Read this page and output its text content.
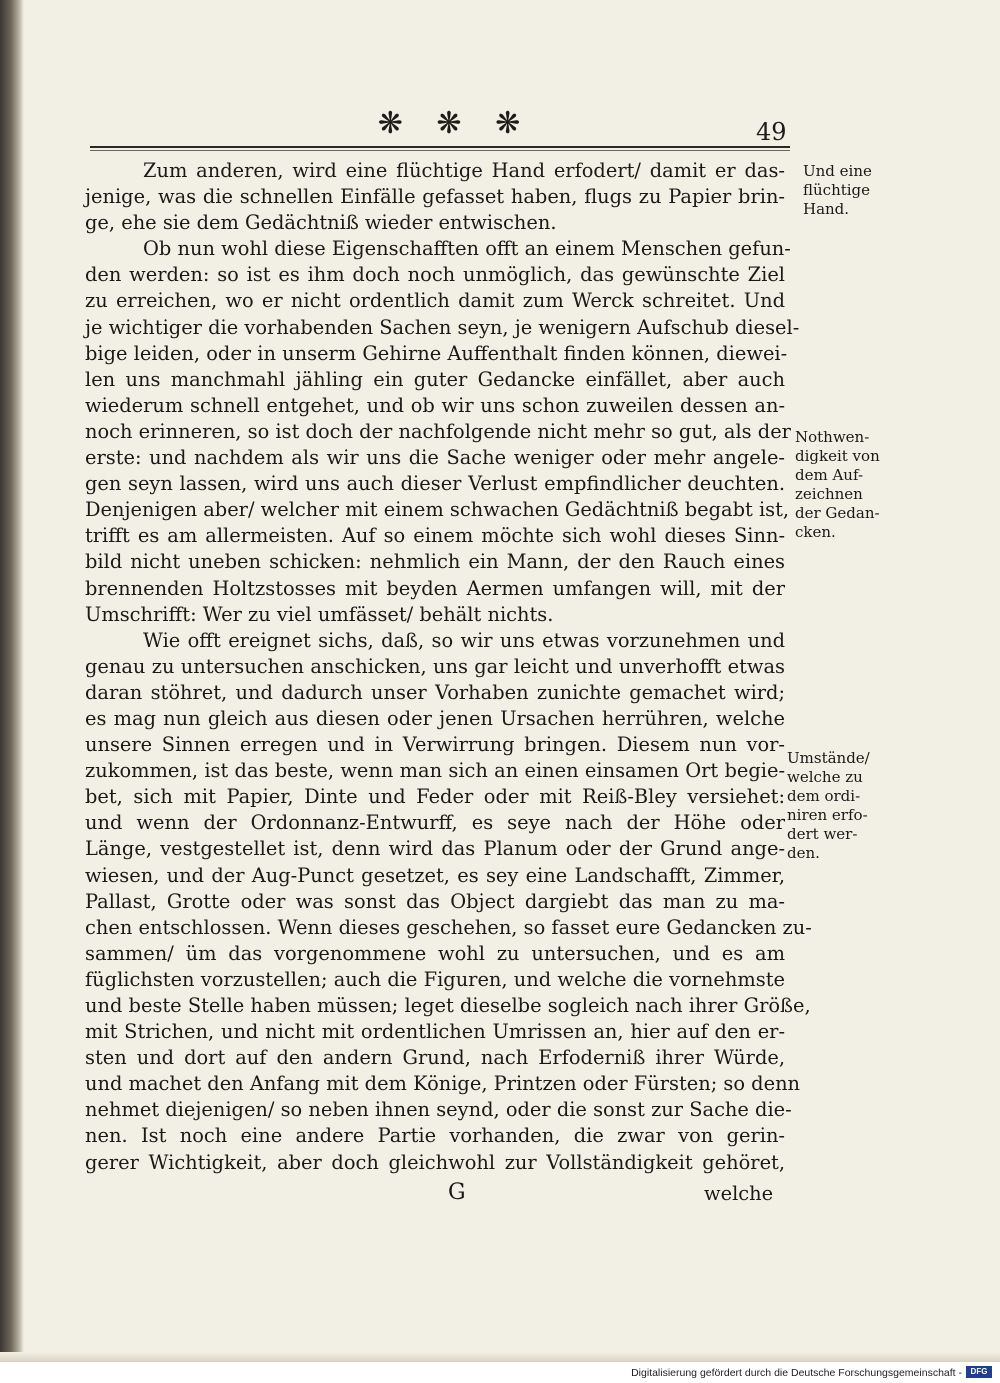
❋ ❋ ❋	49
Zum anderen, wird eine flüchtige Hand erfodert/ damit er das-
jenige, was die schnellen Einfälle gefasset haben, flugs zu Papier brin-
ge, ehe sie dem Gedächtniß wieder entwischen.
Ob nun wohl diese Eigenschafften offt an einem Menschen gefun-
den werden: so ist es ihm doch noch unmöglich, das gewünschte Ziel
zu erreichen, wo er nicht ordentlich damit zum Werck schreitet. Und
je wichtiger die vorhabenden Sachen seyn, je wenigern Aufschub diesel-
bige leiden, oder in unserm Gehirne Auffenthalt finden können, diewei-
len uns manchmahl jähling ein guter Gedancke einfället, aber auch
wiederum schnell entgehet, und ob wir uns schon zuweilen dessen an-
noch erinneren, so ist doch der nachfolgende nicht mehr so gut, als der
erste: und nachdem als wir uns die Sache weniger oder mehr angele-
gen seyn lassen, wird uns auch dieser Verlust empfindlicher deuchten.
Denjenigen aber/ welcher mit einem schwachen Gedächtniß begabt ist,
trifft es am allermeisten. Auf so einem möchte sich wohl dieses Sinn-
bild nicht uneben schicken: nehmlich ein Mann, der den Rauch eines
brennenden Holtzstosses mit beyden Aermen umfangen will, mit der
Umschrifft: Wer zu viel umfässet/ behält nichts.
Wie offt ereignet sichs, daß, so wir uns etwas vorzunehmen und
genau zu untersuchen anschicken, uns gar leicht und unverhofft etwas
daran stöhret, und dadurch unser Vorhaben zunichte gemachet wird;
es mag nun gleich aus diesen oder jenen Ursachen herrühren, welche
unsere Sinnen erregen und in Verwirrung bringen. Diesem nun vor-
zukommen, ist das beste, wenn man sich an einen einsamen Ort begie-
bet, sich mit Papier, Dinte und Feder oder mit Reiß-Bley versiehet:
und wenn der Ordonnanz-Entwurff, es seye nach der Höhe oder
Länge, vestgestellet ist, denn wird das Planum oder der Grund ange-
wiesen, und der Aug-Punct gesetzet, es sey eine Landschafft, Zimmer,
Pallast, Grotte oder was sonst das Object dargiebt das man zu ma-
chen entschlossen. Wenn dieses geschehen, so fasset eure Gedancken zu-
sammen/ üm das vorgenommene wohl zu untersuchen, und es am
füglichsten vorzustellen; auch die Figuren, und welche die vornehmste
und beste Stelle haben müssen; leget dieselbe sogleich nach ihrer Größe,
mit Strichen, und nicht mit ordentlichen Umrissen an, hier auf den er-
sten und dort auf den andern Grund, nach Erfoderniß ihrer Würde,
und machet den Anfang mit dem Könige, Printzen oder Fürsten; so denn
nehmet diejenigen/ so neben ihnen seynd, oder die sonst zur Sache die-
nen. Ist noch eine andere Partie vorhanden, die zwar von gerin-
gerer Wichtigkeit, aber doch gleichwohl zur Vollständigkeit gehöret,
Und eine
flüchtige
Hand.
Nothwen-
digkeit von
dem Auf-
zeichnen
der Gedan-
cken.
Umstände/
welche zu
dem ordi-
niren erfo-
dert wer-
den.
G	welche
Digitalisierung gefördert durch die Deutsche Forschungsgemeinschaft -	DFG
